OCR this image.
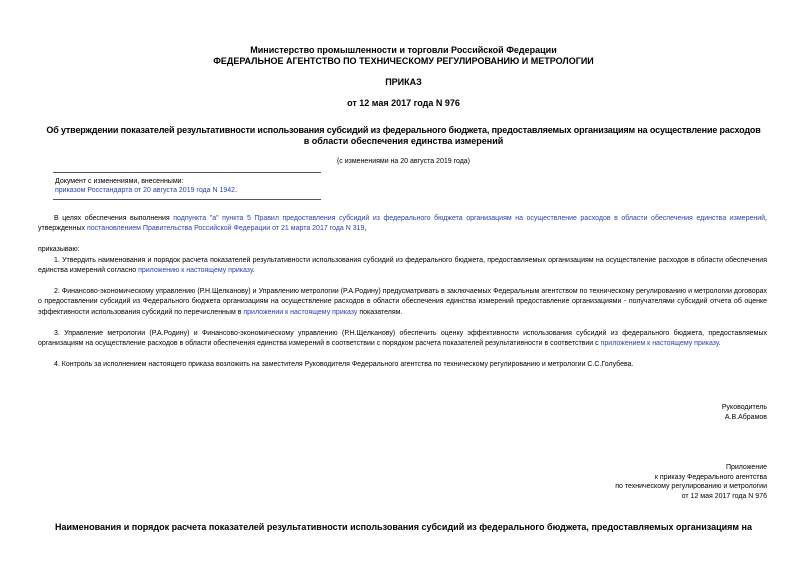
Министерство промышленности и торговли Российской Федерации
ФЕДЕРАЛЬНОЕ АГЕНТСТВО ПО ТЕХНИЧЕСКОМУ РЕГУЛИРОВАНИЮ И МЕТРОЛОГИИ
ПРИКАЗ
от 12 мая 2017 года N 976
Об утверждении показателей результативности использования субсидий из федерального бюджета, предоставляемых организациям на осуществление расходов
в области обеспечения единства измерений
(с изменениями на 20 августа 2019 года)
Документ с изменениями, внесенными:
приказом Росстандарта от 20 августа 2019 года N 1942.
В целях обеспечения выполнения подпункта "а" пункта 5 Правил предоставления субсидий из федерального бюджета организациям на осуществление расходов в области обеспечения единства измерений, утвержденных постановлением Правительства Российской Федерации от 21 марта 2017 года N 319,
приказываю:
1. Утвердить наименования и порядок расчета показателей результативности использования субсидий из федерального бюджета, предоставляемых организациям на осуществление расходов в области обеспечения единства измерений согласно приложению к настоящему приказу.
2. Финансово-экономическому управлению (Р.Н.Щелканову) и Управлению метрологии (Р.А.Родину) предусматривать в заключаемых Федеральным агентством по техническому регулированию и метрологии договорах о предоставлении субсидий из Федерального бюджета организациям на осуществление расходов в области обеспечения единства измерений предоставление организациями - получателями субсидий отчета об оценке эффективности использования субсидий по перечисленным в приложении к настоящему приказу показателям.
3. Управление метрологии (Р.А.Родину) и Финансово-экономическому управлению (Р.Н.Щелканову) обеспечить оценку эффективности использования субсидий из федерального бюджета, предоставляемых организациям на осуществление расходов в области обеспечения единства измерений в соответствии с порядком расчета показателей результативности в соответствии с приложением к настоящему приказу.
4. Контроль за исполнением настоящего приказа возложить на заместителя Руководителя Федерального агентства по техническому регулированию и метрологии С.С.Голубева.
Руководитель
А.В.Абрамов
Приложение
к приказу Федерального агентства
по техническому регулированию и метрологии
от 12 мая 2017 года N 976
Наименования и порядок расчета показателей результативности использования субсидий из федерального бюджета, предоставляемых организациям на
